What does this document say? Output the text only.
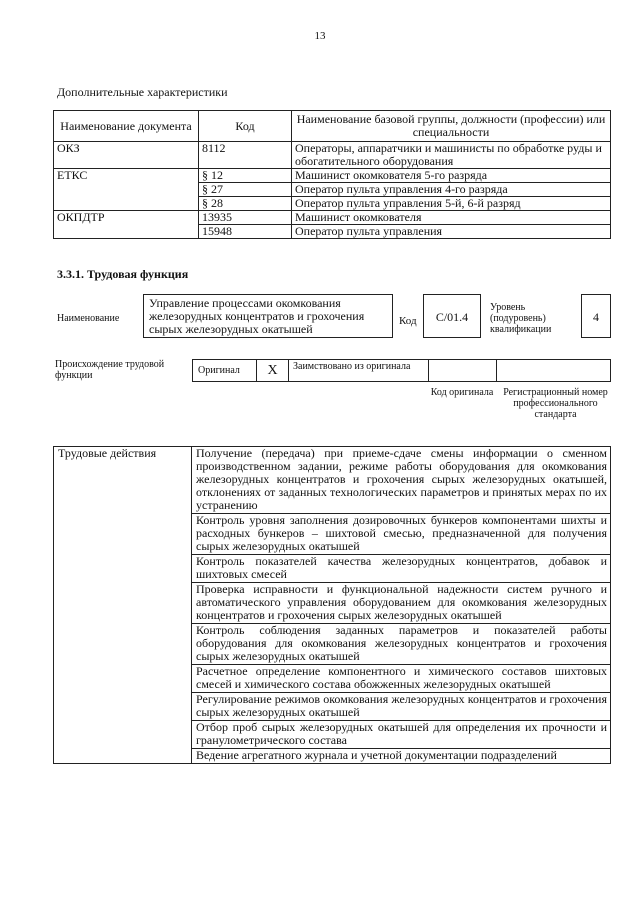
13
Дополнительные характеристики
Наименование документа	Код	Наименование базовой группы, должности (профессии) или специальности
ОКЗ	8112	Операторы, аппаратчики и машинисты по обработке руды и обогатительного оборудования
ЕТКС	§ 12	Машинист окомкователя 5-го разряда
	§ 27	Оператор пульта управления 4-го разряда
	§ 28	Оператор пульта управления 5-й, 6-й разряд
ОКПДТР	13935	Машинист окомкователя
	15948	Оператор пульта управления
3.3.1. Трудовая функция
Наименование
Управление процессами окомкования железорудных концентратов и грохочения сырых железорудных окатышей
Код	С/01.4
Уровень (подуровень) квалификации
4
Происхождение трудовой функции	Оригинал	X	Заимствовано из оригинала
Код оригинала Регистрационный номер профессионального стандарта
Трудовые действия	Получение (передача) при приеме-сдаче смены информации о сменном производственном задании, режиме работы оборудования для окомкования железорудных концентратов и грохочения сырых железорудных окатышей, отклонениях от заданных технологических параметров и принятых мерах по их устранению
Контроль уровня заполнения дозировочных бункеров компонентами шихты и расходных бункеров – шихтовой смесью, предназначенной для получения сырых железорудных окатышей
Контроль показателей качества железорудных концентратов, добавок и шихтовых смесей
Проверка исправности и функциональной надежности систем ручного и автоматического управления оборудованием для окомкования железорудных концентратов и грохочения сырых железорудных окатышей
Контроль соблюдения заданных параметров и показателей работы оборудования для окомкования железорудных концентратов и грохочения сырых железорудных окатышей
Расчетное определение компонентного и химического составов шихтовых смесей и химического состава обожженных железорудных окатышей
Регулирование режимов окомкования железорудных концентратов и грохочения сырых железорудных окатышей
Отбор проб сырых железорудных окатышей для определения их прочности и гранулометрического состава
Ведение агрегатного журнала и учетной документации подразделений
